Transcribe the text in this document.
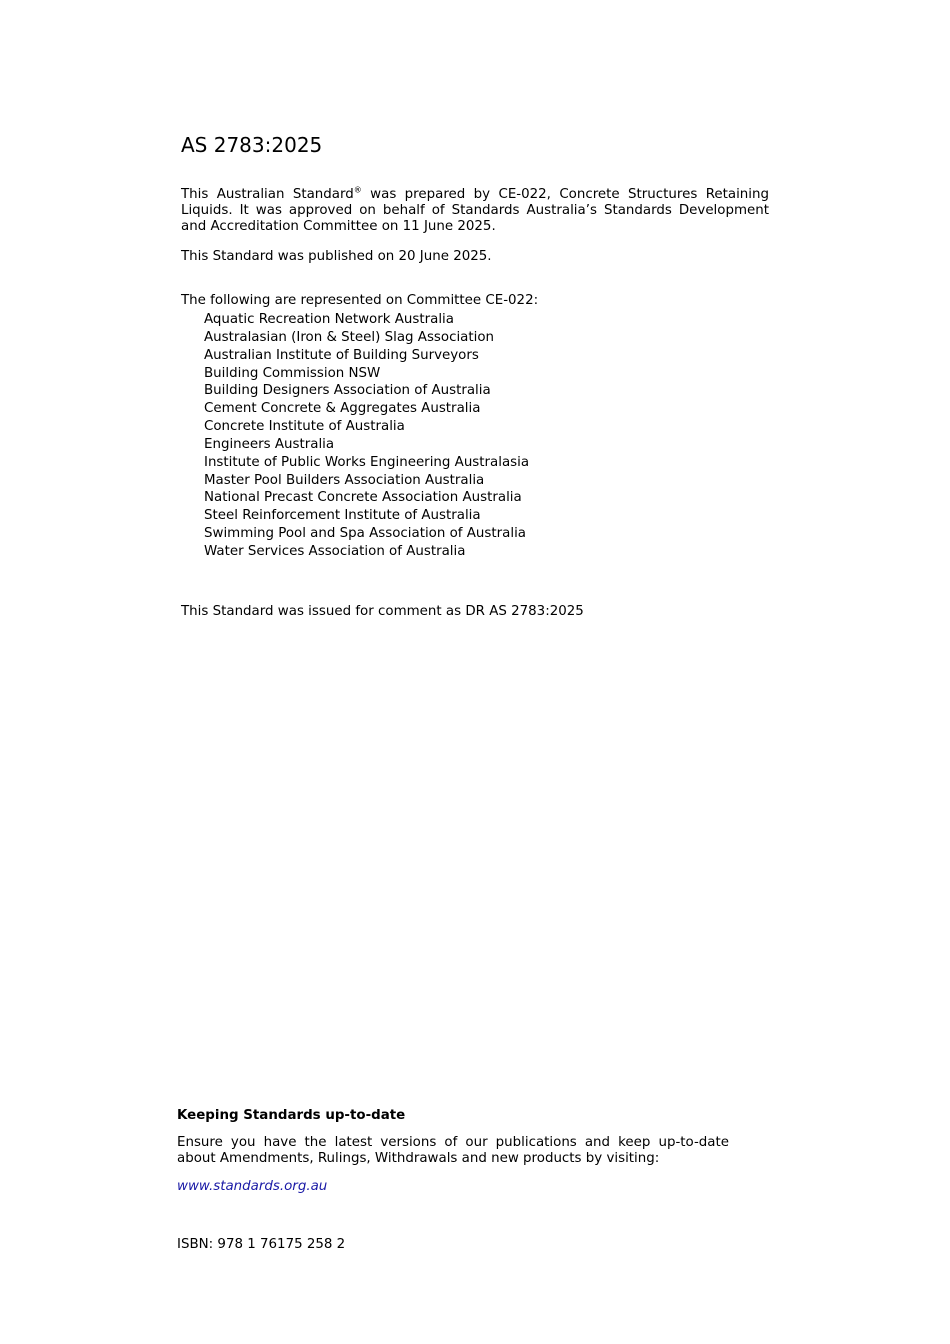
AS 2783:2025

This Australian Standard® was prepared by CE-022, Concrete Structures Retaining Liquids. It was approved on behalf of Standards Australia’s Standards Development and Accreditation Committee on 11 June 2025.

This Standard was published on 20 June 2025.

The following are represented on Committee CE-022:

Aquatic Recreation Network Australia
Australasian (Iron & Steel) Slag Association
Australian Institute of Building Surveyors
Building Commission NSW
Building Designers Association of Australia
Cement Concrete & Aggregates Australia
Concrete Institute of Australia
Engineers Australia
Institute of Public Works Engineering Australasia
Master Pool Builders Association Australia
National Precast Concrete Association Australia
Steel Reinforcement Institute of Australia
Swimming Pool and Spa Association of Australia
Water Services Association of Australia

This Standard was issued for comment as DR AS 2783:2025

Keeping Standards up-to-date

Ensure you have the latest versions of our publications and keep up-to-date about Amendments, Rulings, Withdrawals and new products by visiting:

www.standards.org.au

ISBN: 978 1 76175 258 2
